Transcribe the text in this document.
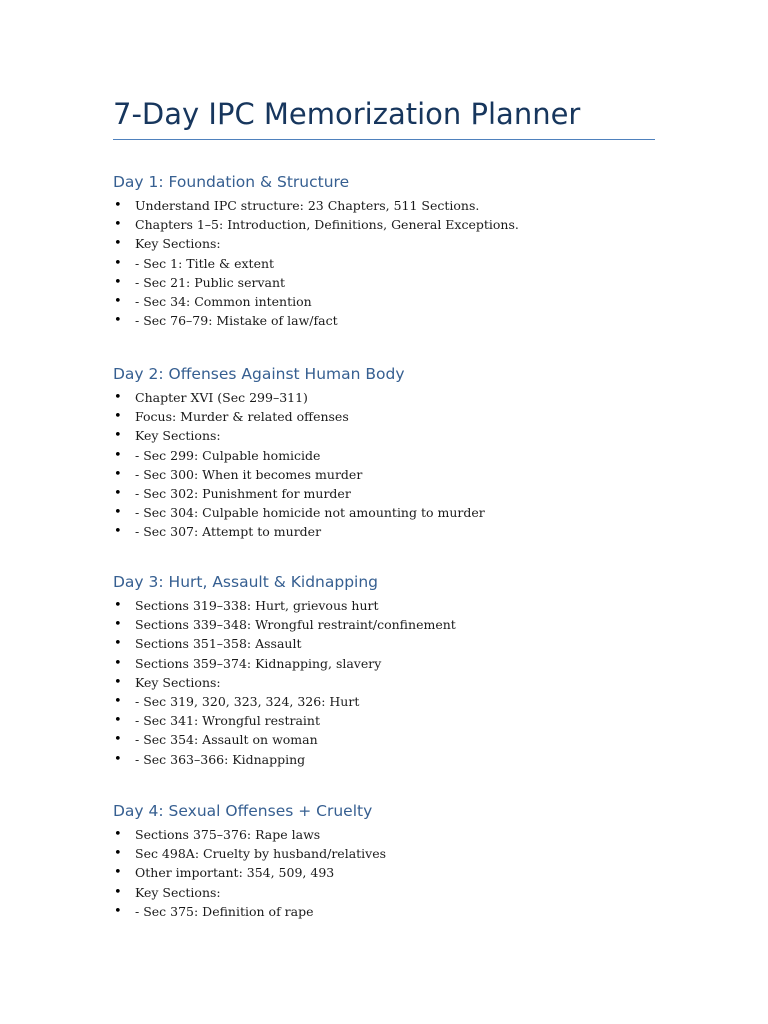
7-Day IPC Memorization Planner
Day 1: Foundation & Structure
• Understand IPC structure: 23 Chapters, 511 Sections.
• Chapters 1–5: Introduction, Definitions, General Exceptions.
• Key Sections:
• - Sec 1: Title & extent
• - Sec 21: Public servant
• - Sec 34: Common intention
• - Sec 76–79: Mistake of law/fact
Day 2: Offenses Against Human Body
• Chapter XVI (Sec 299–311)
• Focus: Murder & related offenses
• Key Sections:
• - Sec 299: Culpable homicide
• - Sec 300: When it becomes murder
• - Sec 302: Punishment for murder
• - Sec 304: Culpable homicide not amounting to murder
• - Sec 307: Attempt to murder
Day 3: Hurt, Assault & Kidnapping
• Sections 319–338: Hurt, grievous hurt
• Sections 339–348: Wrongful restraint/confinement
• Sections 351–358: Assault
• Sections 359–374: Kidnapping, slavery
• Key Sections:
• - Sec 319, 320, 323, 324, 326: Hurt
• - Sec 341: Wrongful restraint
• - Sec 354: Assault on woman
• - Sec 363–366: Kidnapping
Day 4: Sexual Offenses + Cruelty
• Sections 375–376: Rape laws
• Sec 498A: Cruelty by husband/relatives
• Other important: 354, 509, 493
• Key Sections:
• - Sec 375: Definition of rape
